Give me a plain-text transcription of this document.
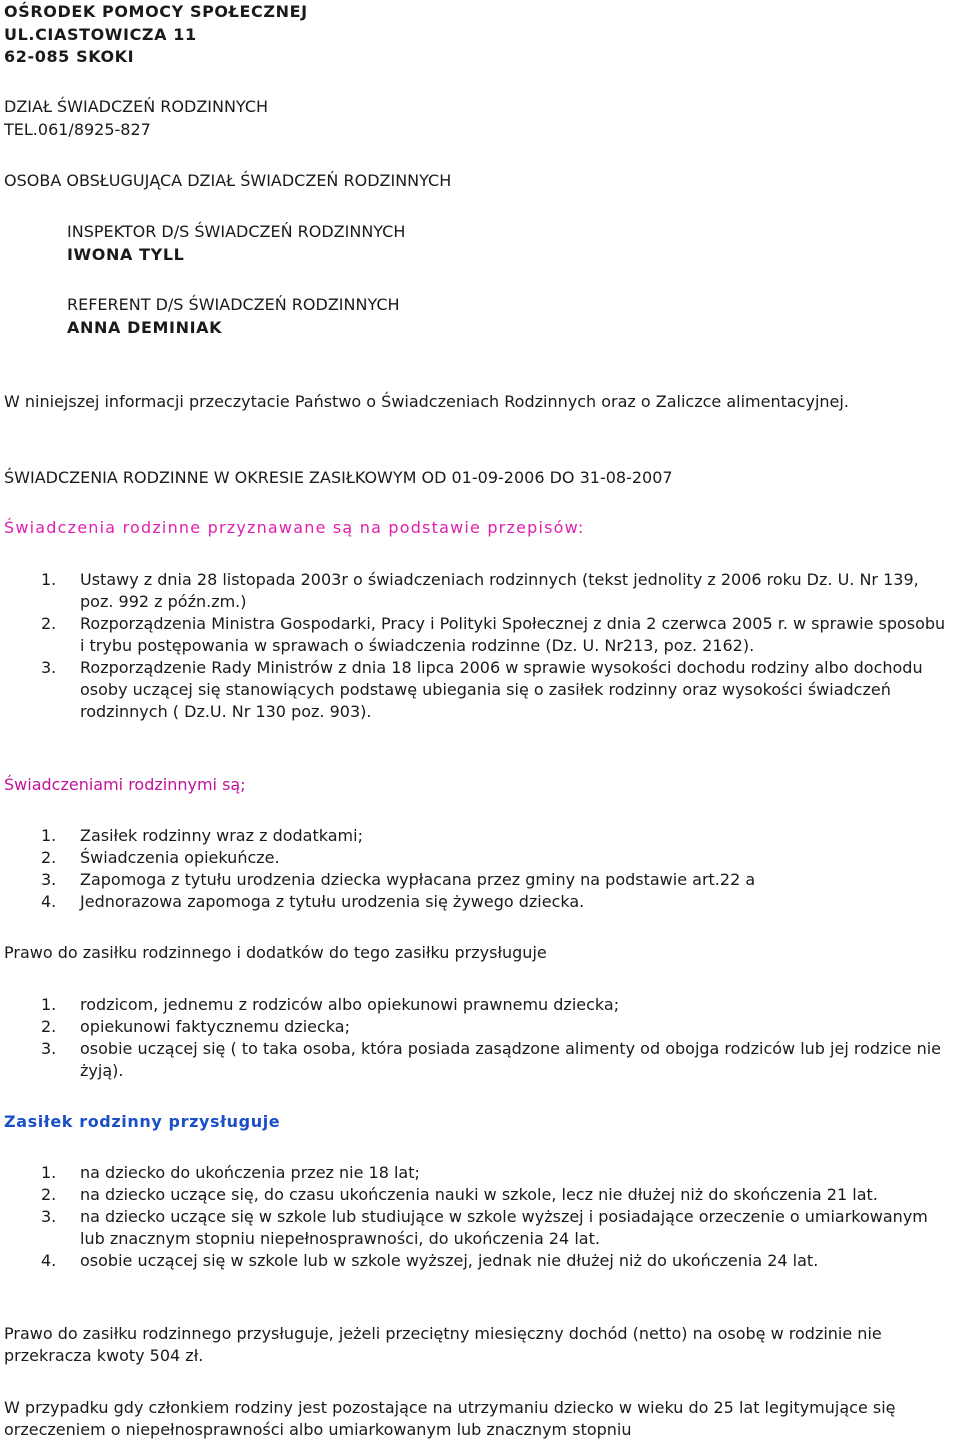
OŚRODEK POMOCY SPOŁECZNEJ
UL.CIASTOWICZA 11
62-085 SKOKI
DZIAŁ ŚWIADCZEŃ RODZINNYCH
TEL.061/8925-827
OSOBA OBSŁUGUJĄCA DZIAŁ ŚWIADCZEŃ RODZINNYCH
INSPEKTOR D/S ŚWIADCZEŃ RODZINNYCH
IWONA TYLL
REFERENT D/S ŚWIADCZEŃ RODZINNYCH
ANNA DEMINIAK

W niniejszej informacji przeczytacie Państwo o Świadczeniach Rodzinnych oraz o Zaliczce alimentacyjnej.

ŚWIADCZENIA RODZINNE W OKRESIE ZASIŁKOWYM OD 01-09-2006 DO 31-08-2007
Świadczenia rodzinne przyznawane są na podstawie przepisów:
1. Ustawy z dnia 28 listopada 2003r o świadczeniach rodzinnych (tekst jednolity z 2006 roku Dz. U. Nr 139, poz. 992 z późn.zm.)
2. Rozporządzenia Ministra Gospodarki, Pracy i Polityki Społecznej z dnia 2 czerwca 2005 r. w sprawie sposobu i trybu postępowania w sprawach o świadczenia rodzinne (Dz. U. Nr213, poz. 2162).
3. Rozporządzenie Rady Ministrów z dnia 18 lipca 2006 w sprawie wysokości dochodu rodziny albo dochodu osoby uczącej się stanowiących podstawę ubiegania się o zasiłek rodzinny oraz wysokości świadczeń rodzinnych ( Dz.U. Nr 130 poz. 903).
Świadczeniami rodzinnymi są;
1. Zasiłek rodzinny wraz z dodatkami;
2. Świadczenia opiekuńcze.
3. Zapomoga z tytułu urodzenia dziecka wypłacana przez gminy na podstawie art.22 a
4. Jednorazowa zapomoga z tytułu urodzenia się żywego dziecka.
Prawo do zasiłku rodzinnego i dodatków do tego zasiłku przysługuje
1. rodzicom, jednemu z rodziców albo opiekunowi prawnemu dziecka;
2. opiekunowi faktycznemu dziecka;
3. osobie uczącej się ( to taka osoba, która posiada zasądzone alimenty od obojga rodziców lub jej rodzice nie żyją).
Zasiłek rodzinny przysługuje
1. na dziecko do ukończenia przez nie 18 lat;
2. na dziecko uczące się, do czasu ukończenia nauki w szkole, lecz nie dłużej niż do skończenia 21 lat.
3. na dziecko uczące się w szkole lub studiujące w szkole wyższej i posiadające orzeczenie o umiarkowanym lub znacznym stopniu niepełnosprawności, do ukończenia 24 lat.
4. osobie uczącej się w szkole lub w szkole wyższej, jednak nie dłużej niż do ukończenia 24 lat.

Prawo do zasiłku rodzinnego przysługuje, jeżeli przeciętny miesięczny dochód (netto) na osobę w rodzinie nie przekracza kwoty 504 zł.

W przypadku gdy członkiem rodziny jest pozostające na utrzymaniu dziecko w wieku do 25 lat legitymujące się orzeczeniem o niepełnosprawności albo umiarkowanym lub znacznym stopniu
